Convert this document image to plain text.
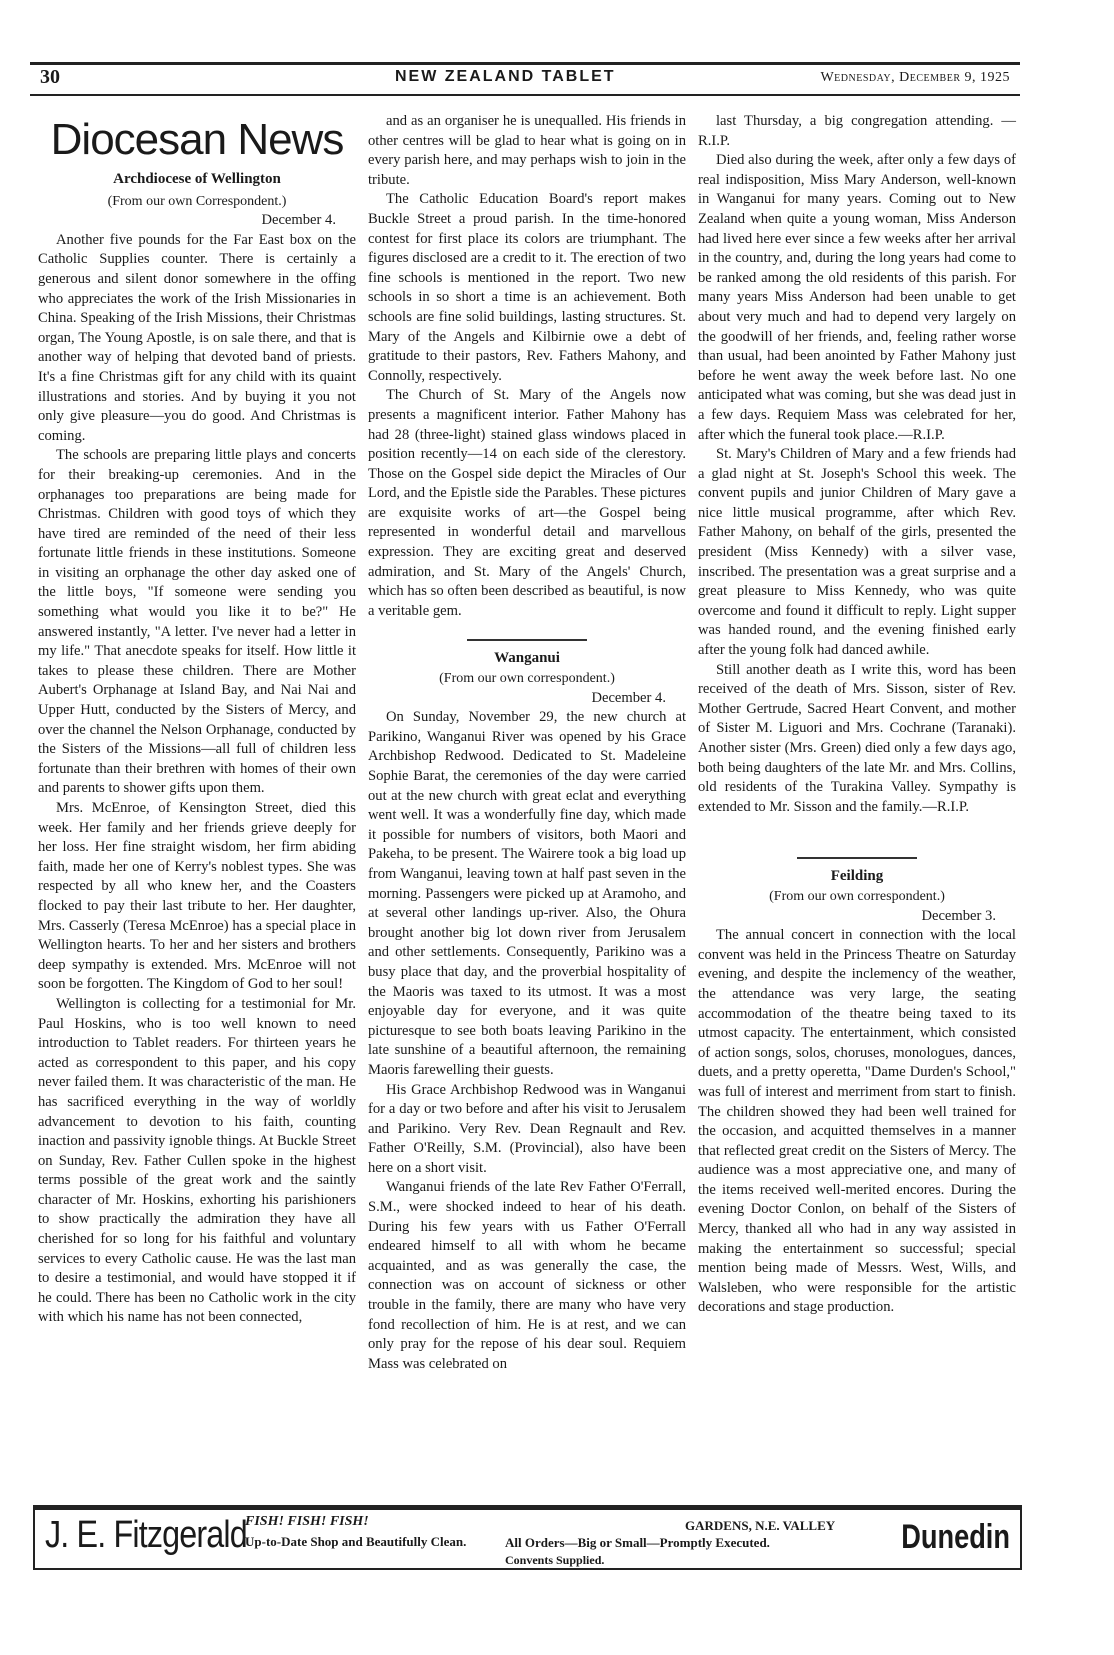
30	NEW ZEALAND TABLET	Wednesday, December 9, 1925
Diocesan News
Archdiocese of Wellington
(From our own Correspondent.)
December 4.

Another five pounds for the Far East box on the Catholic Supplies counter. There is certainly a generous and silent donor somewhere in the offing who appreciates the work of the Irish Missionaries in China. Speaking of the Irish Missions, their Christmas organ, The Young Apostle, is on sale there, and that is another way of helping that devoted band of priests. It's a fine Christmas gift for any child with its quaint illustrations and stories. And by buying it you not only give pleasure—you do good. And Christmas is coming.

The schools are preparing little plays and concerts for their breaking-up ceremonies. And in the orphanages too preparations are being made for Christmas. Children with good toys of which they have tired are reminded of the need of their less fortunate little friends in these institutions. Someone in visiting an orphanage the other day asked one of the little boys, "If someone were sending you something what would you like it to be?" He answered instantly, "A letter. I've never had a letter in my life." That anecdote speaks for itself. How little it takes to please these children. There are Mother Aubert's Orphanage at Island Bay, and Nai Nai and Upper Hutt, conducted by the Sisters of Mercy, and over the channel the Nelson Orphanage, conducted by the Sisters of the Missions—all full of children less fortunate than their brethren with homes of their own and parents to shower gifts upon them.

Mrs. McEnroe, of Kensington Street, died this week. Her family and her friends grieve deeply for her loss. Her fine straight wisdom, her firm abiding faith, made her one of Kerry's noblest types. She was respected by all who knew her, and the Coasters flocked to pay their last tribute to her. Her daughter, Mrs. Casserly (Teresa McEnroe) has a special place in Wellington hearts. To her and her sisters and brothers deep sympathy is extended. Mrs. McEnroe will not soon be forgotten. The Kingdom of God to her soul!

Wellington is collecting for a testimonial for Mr. Paul Hoskins, who is too well known to need introduction to Tablet readers. For thirteen years he acted as correspondent to this paper, and his copy never failed them. It was characteristic of the man. He has sacrificed everything in the way of worldly advancement to devotion to his faith, counting inaction and passivity ignoble things. At Buckle Street on Sunday, Rev. Father Cullen spoke in the highest terms possible of the great work and the saintly character of Mr. Hoskins, exhorting his parishioners to show practically the admiration they have all cherished for so long for his faithful and voluntary services to every Catholic cause. He was the last man to desire a testimonial, and would have stopped it if he could. There has been no Catholic work in the city with which his name has not been connected,

and as an organiser he is unequalled. His friends in other centres will be glad to hear what is going on in every parish here, and may perhaps wish to join in the tribute.

The Catholic Education Board's report makes Buckle Street a proud parish. In the time-honored contest for first place its colors are triumphant. The figures disclosed are a credit to it. The erection of two fine schools is mentioned in the report. Two new schools in so short a time is an achievement. Both schools are fine solid buildings, lasting structures. St. Mary of the Angels and Kilbirnie owe a debt of gratitude to their pastors, Rev. Fathers Mahony, and Connolly, respectively.

The Church of St. Mary of the Angels now presents a magnificent interior. Father Mahony has had 28 (three-light) stained glass windows placed in position recently—14 on each side of the clerestory. Those on the Gospel side depict the Miracles of Our Lord, and the Epistle side the Parables. These pictures are exquisite works of art—the Gospel being represented in wonderful detail and marvellous expression. They are exciting great and deserved admiration, and St. Mary of the Angels' Church, which has so often been described as beautiful, is now a veritable gem.

Wanganui
(From our own correspondent.)
December 4.

On Sunday, November 29, the new church at Parikino, Wanganui River was opened by his Grace Archbishop Redwood. Dedicated to St. Madeleine Sophie Barat, the ceremonies of the day were carried out at the new church with great eclat and everything went well. It was a wonderfully fine day, which made it possible for numbers of visitors, both Maori and Pakeha, to be present. The Wairere took a big load up from Wanganui, leaving town at half past seven in the morning. Passengers were picked up at Aramoho, and at several other landings up-river. Also, the Ohura brought another big lot down river from Jerusalem and other settlements. Consequently, Parikino was a busy place that day, and the proverbial hospitality of the Maoris was taxed to its utmost. It was a most enjoyable day for everyone, and it was quite picturesque to see both boats leaving Parikino in the late sunshine of a beautiful afternoon, the remaining Maoris farewelling their guests.

His Grace Archbishop Redwood was in Wanganui for a day or two before and after his visit to Jerusalem and Parikino. Very Rev. Dean Regnault and Rev. Father O'Reilly, S.M. (Provincial), also have been here on a short visit.

Wanganui friends of the late Rev Father O'Ferrall, S.M., were shocked indeed to hear of his death. During his few years with us Father O'Ferrall endeared himself to all with whom he became acquainted, and as was generally the case, the connection was on account of sickness or other trouble in the family, there are many who have very fond recollection of him. He is at rest, and we can only pray for the repose of his dear soul. Requiem Mass was celebrated on

last Thursday, a big congregation attending. —R.I.P.

Died also during the week, after only a few days of real indisposition, Miss Mary Anderson, well-known in Wanganui for many years. Coming out to New Zealand when quite a young woman, Miss Anderson had lived here ever since a few weeks after her arrival in the country, and, during the long years had come to be ranked among the old residents of this parish. For many years Miss Anderson had been unable to get about very much and had to depend very largely on the goodwill of her friends, and, feeling rather worse than usual, had been anointed by Father Mahony just before he went away the week before last. No one anticipated what was coming, but she was dead just in a few days. Requiem Mass was celebrated for her, after which the funeral took place.—R.I.P.

St. Mary's Children of Mary and a few friends had a glad night at St. Joseph's School this week. The convent pupils and junior Children of Mary gave a nice little musical programme, after which Rev. Father Mahony, on behalf of the girls, presented the president (Miss Kennedy) with a silver vase, inscribed. The presentation was a great surprise and a great pleasure to Miss Kennedy, who was quite overcome and found it difficult to reply. Light supper was handed round, and the evening finished early after the young folk had danced awhile.

Still another death as I write this, word has been received of the death of Mrs. Sisson, sister of Rev. Mother Gertrude, Sacred Heart Convent, and mother of Sister M. Liguori and Mrs. Cochrane (Taranaki). Another sister (Mrs. Green) died only a few days ago, both being daughters of the late Mr. and Mrs. Collins, old residents of the Turakina Valley. Sympathy is extended to Mr. Sisson and the family.—R.I.P.

Feilding
(From our own correspondent.)
December 3.

The annual concert in connection with the local convent was held in the Princess Theatre on Saturday evening, and despite the inclemency of the weather, the attendance was very large, the seating accommodation of the theatre being taxed to its utmost capacity. The entertainment, which consisted of action songs, solos, choruses, monologues, dances, duets, and a pretty operetta, "Dame Durden's School," was full of interest and merriment from start to finish. The children showed they had been well trained for the occasion, and acquitted themselves in a manner that reflected great credit on the Sisters of Mercy. The audience was a most appreciative one, and many of the items received well-merited encores. During the evening Doctor Conlon, on behalf of the Sisters of Mercy, thanked all who had in any way assisted in making the entertainment so successful; special mention being made of Messrs. West, Wills, and Walsleben, who were responsible for the artistic decorations and stage production.

J. E. Fitzgerald
FISH! FISH! FISH!
Up-to-Date Shop and Beautifully Clean.
GARDENS, N.E. VALLEY
All Orders—Big or Small—Promptly Executed.
Convents Supplied.
Dunedin
